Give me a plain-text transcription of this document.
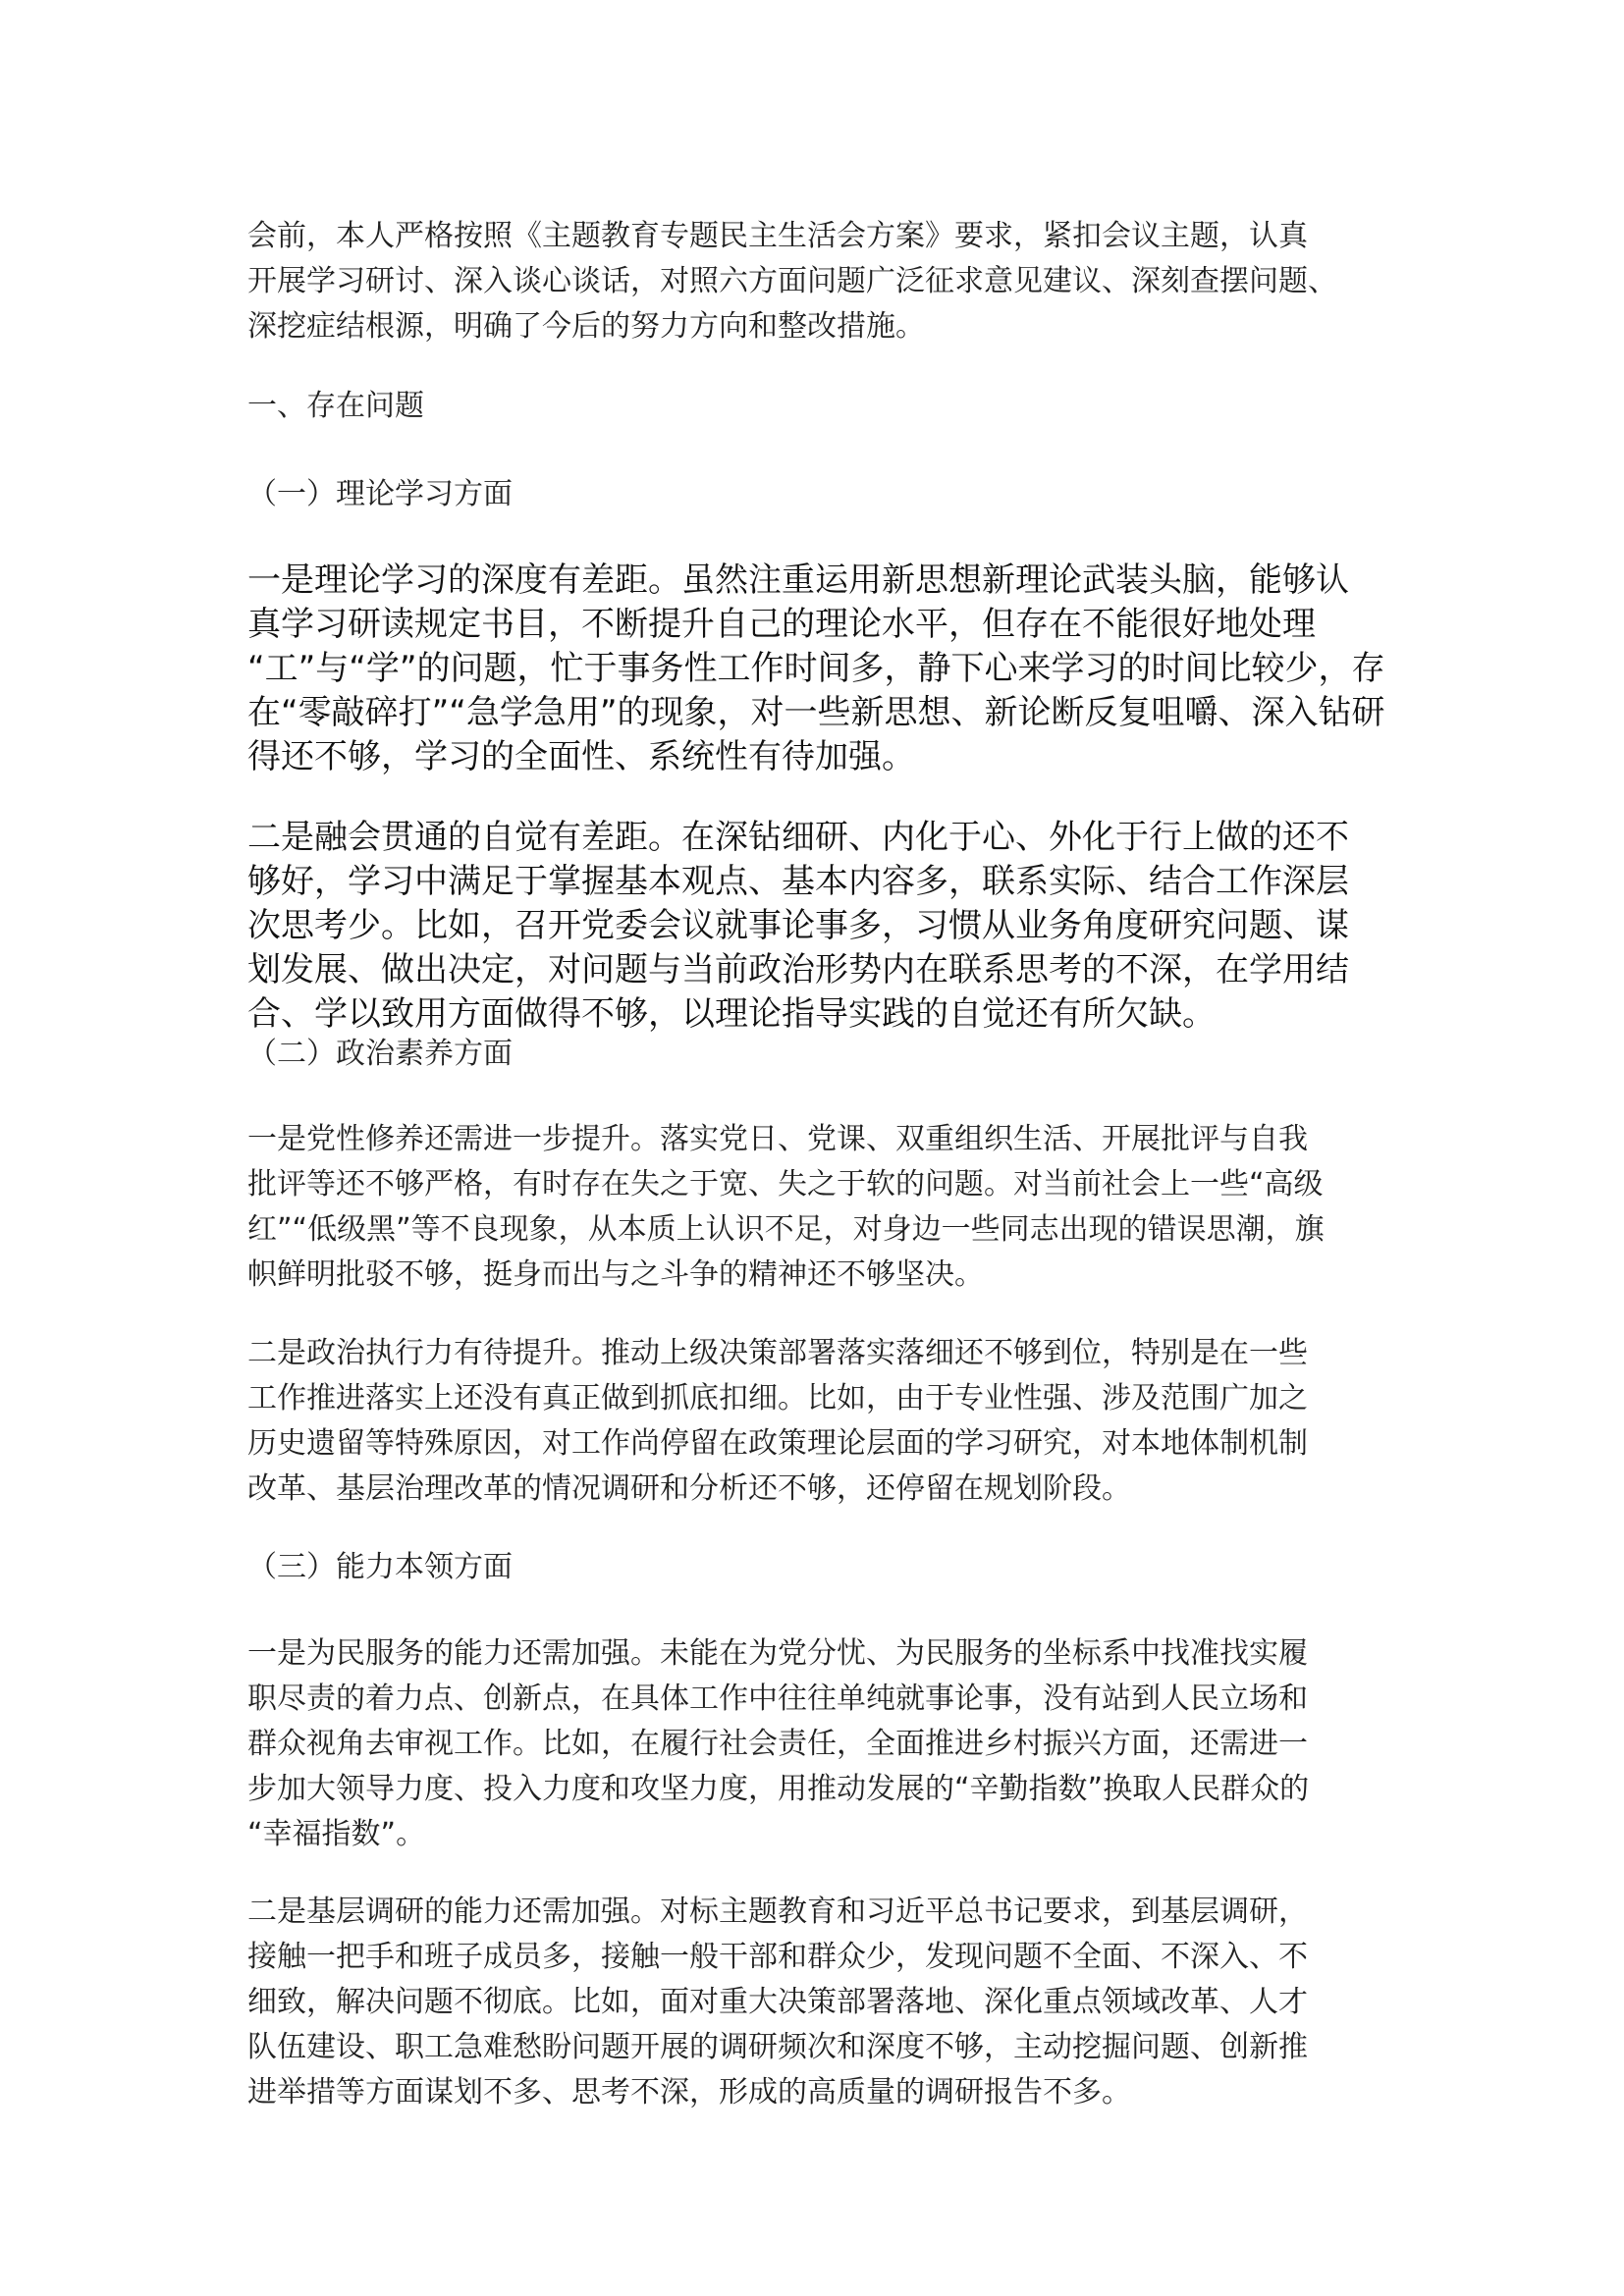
会前，本人严格按照《主题教育专题民主生活会方案》要求，紧扣会议主题，认真
开展学习研讨、深入谈心谈话，对照六方面问题广泛征求意见建议、深刻查摆问题、
深挖症结根源，明确了今后的努力方向和整改措施。

一、存在问题

（一）理论学习方面

一是理论学习的深度有差距。虽然注重运用新思想新理论武装头脑，能够认
真学习研读规定书目，不断提升自己的理论水平，但存在不能很好地处理
“工”与“学”的问题，忙于事务性工作时间多，静下心来学习的时间比较少，存
在“零敲碎打”“急学急用”的现象，对一些新思想、新论断反复咀嚼、深入钻研
得还不够，学习的全面性、系统性有待加强。

二是融会贯通的自觉有差距。在深钻细研、内化于心、外化于行上做的还不
够好，学习中满足于掌握基本观点、基本内容多，联系实际、结合工作深层
次思考少。比如，召开党委会议就事论事多，习惯从业务角度研究问题、谋
划发展、做出决定，对问题与当前政治形势内在联系思考的不深，在学用结
合、学以致用方面做得不够，以理论指导实践的自觉还有所欠缺。

（二）政治素养方面

一是党性修养还需进一步提升。落实党日、党课、双重组织生活、开展批评与自我
批评等还不够严格，有时存在失之于宽、失之于软的问题。对当前社会上一些“高级
红”“低级黑”等不良现象，从本质上认识不足，对身边一些同志出现的错误思潮，旗
帜鲜明批驳不够，挺身而出与之斗争的精神还不够坚决。

二是政治执行力有待提升。推动上级决策部署落实落细还不够到位，特别是在一些
工作推进落实上还没有真正做到抓底扣细。比如，由于专业性强、涉及范围广加之
历史遗留等特殊原因，对工作尚停留在政策理论层面的学习研究，对本地体制机制
改革、基层治理改革的情况调研和分析还不够，还停留在规划阶段。

（三）能力本领方面

一是为民服务的能力还需加强。未能在为党分忧、为民服务的坐标系中找准找实履
职尽责的着力点、创新点，在具体工作中往往单纯就事论事，没有站到人民立场和
群众视角去审视工作。比如，在履行社会责任，全面推进乡村振兴方面，还需进一
步加大领导力度、投入力度和攻坚力度，用推动发展的“辛勤指数”换取人民群众的
“幸福指数”。

二是基层调研的能力还需加强。对标主题教育和习近平总书记要求，到基层调研，
接触一把手和班子成员多，接触一般干部和群众少，发现问题不全面、不深入、不
细致，解决问题不彻底。比如，面对重大决策部署落地、深化重点领域改革、人才
队伍建设、职工急难愁盼问题开展的调研频次和深度不够，主动挖掘问题、创新推
进举措等方面谋划不多、思考不深，形成的高质量的调研报告不多。
